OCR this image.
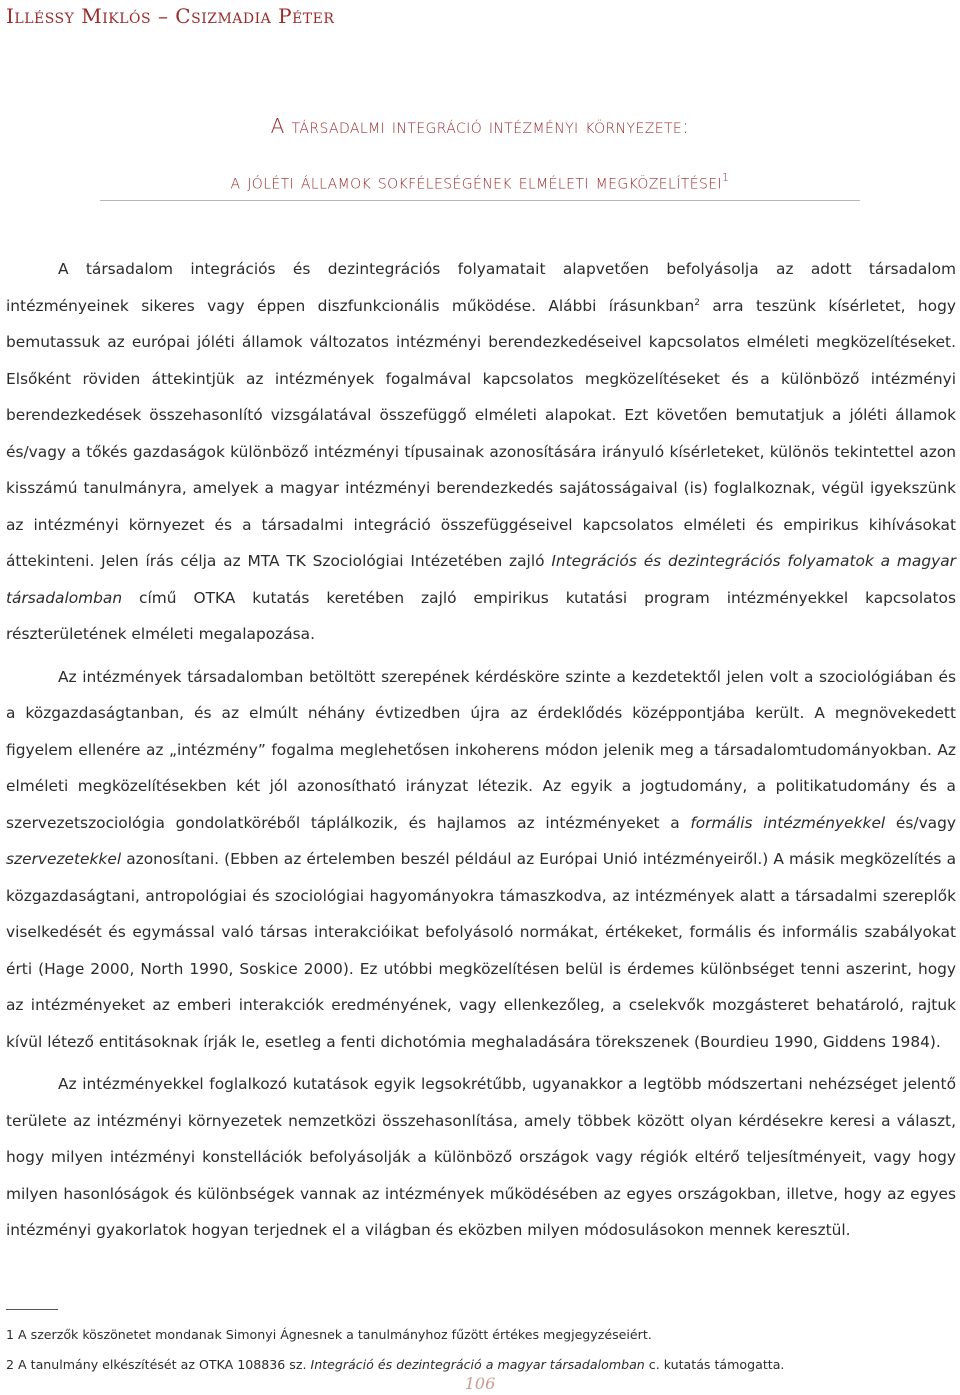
Illéssy Miklós – Csizmadia Péter
A társadalmi integráció intézményi környezete:
a jóléti államok sokféleségének elméleti megközelítései$^1$

A társadalom integrációs és dezintegrációs folyamatait alapvetően befolyásolja az adott társadalom intézményeinek sikeres vagy éppen diszfunkcionális működése. Alábbi írásunkban$^2$ arra teszünk kísérletet, hogy bemutassuk az európai jóléti államok változatos intézményi berendezkedéseivel kapcsolatos elméleti megközelítéseket. Elsőként röviden áttekintjük az intézmények fogalmával kapcsolatos megközelítéseket és a különböző intézményi berendezkedések összehasonlító vizsgálatával összefüggő elméleti alapokat. Ezt követően bemutatjuk a jóléti államok és/vagy a tőkés gazdaságok különböző intézményi típusainak azonosítására irányuló kísérleteket, különös tekintettel azon kisszámú tanulmányra, amelyek a magyar intézményi berendezkedés sajátosságaival (is) foglalkoznak, végül igyekszünk az intézményi környezet és a társadalmi integráció összefüggéseivel kapcsolatos elméleti és empirikus kihívásokat áttekinteni. Jelen írás célja az MTA TK Szociológiai Intézetében zajló Integrációs és dezintegrációs folyamatok a magyar társadalomban című OTKA kutatás keretében zajló empirikus kutatási program intézményekkel kapcsolatos részterületének elméleti megalapozása.

Az intézmények társadalomban betöltött szerepének kérdésköre szinte a kezdetektől jelen volt a szociológiában és a közgazdaságtanban, és az elmúlt néhány évtizedben újra az érdeklődés középpontjába került. A megnövekedett figyelem ellenére az „intézmény” fogalma meglehetősen inkoherens módon jelenik meg a társadalomtudományokban. Az elméleti megközelítésekben két jól azonosítható irányzat létezik. Az egyik a jogtudomány, a politikatudomány és a szervezetszociológia gondolatköréből táplálkozik, és hajlamos az intézményeket a formális intézményekkel és/vagy szervezetekkel azonosítani. (Ebben az értelemben beszél például az Európai Unió intézményeiről.) A másik megközelítés a közgazdaságtani, antropológiai és szociológiai hagyományokra támaszkodva, az intézmények alatt a társadalmi szereplők viselkedését és egymással való társas interakcióikat befolyásoló normákat, értékeket, formális és informális szabályokat érti (Hage 2000, North 1990, Soskice 2000). Ez utóbbi megközelítésen belül is érdemes különbséget tenni aszerint, hogy az intézményeket az emberi interakciók eredményének, vagy ellenkezőleg, a cselekvők mozgásteret behatároló, rajtuk kívül létező entitásoknak írják le, esetleg a fenti dichotómia meghaladására törekszenek (Bourdieu 1990, Giddens 1984).

Az intézményekkel foglalkozó kutatások egyik legsokrétűbb, ugyanakkor a legtöbb módszertani nehézséget jelentő területe az intézményi környezetek nemzetközi összehasonlítása, amely többek között olyan kérdésekre keresi a választ, hogy milyen intézményi konstellációk befolyásolják a különböző országok vagy régiók eltérő teljesítményeit, vagy hogy milyen hasonlóságok és különbségek vannak az intézmények működésében az egyes országokban, illetve, hogy az egyes intézményi gyakorlatok hogyan terjednek el a világban és eközben milyen módosulásokon mennek keresztül.

1 A szerzők köszönetet mondanak Simonyi Ágnesnek a tanulmányhoz fűzött értékes megjegyzéseiért.
2 A tanulmány elkészítését az OTKA 108836 sz. Integráció és dezintegráció a magyar társadalomban c. kutatás támogatta.
106
